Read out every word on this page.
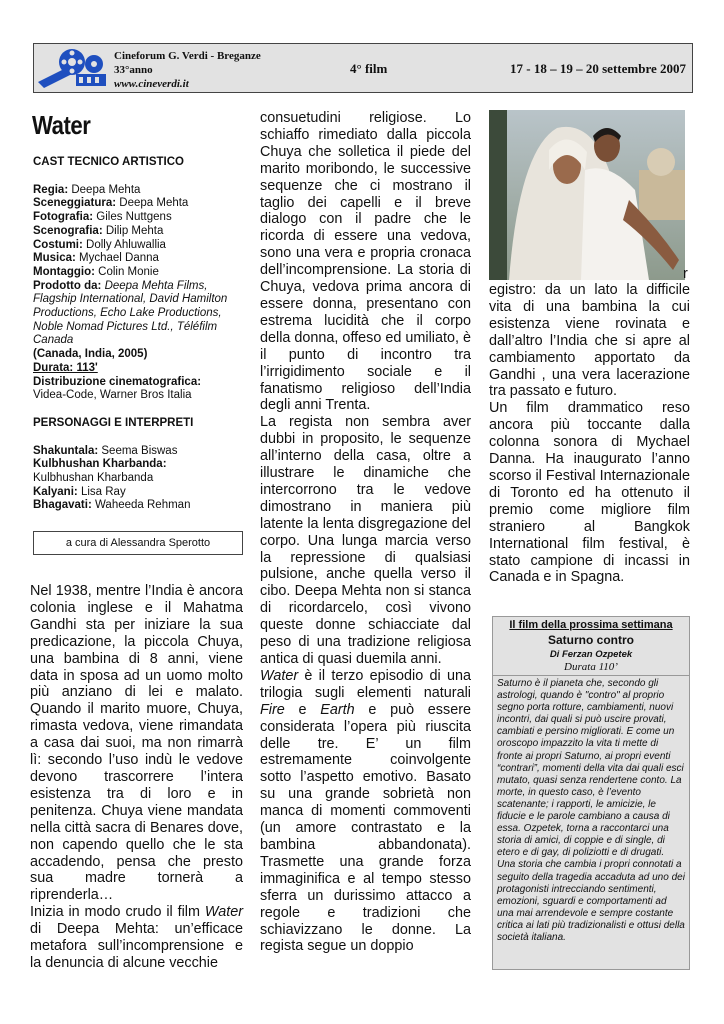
Cineforum G. Verdi - Breganze
33°anno
www.cineverdi.it
4° film	17 - 18 – 19 – 20 settembre 2007
Water

CAST TECNICO ARTISTICO

Regia: Deepa Mehta

Sceneggiatura: Deepa Mehta

Fotografia: Giles Nuttgens

Scenografia: Dilip Mehta

Costumi: Dolly Ahluwallia

Musica: Mychael Danna

Montaggio: Colin Monie

Prodotto da: Deepa Mehta Films, Flagship International, David Hamilton Productions, Echo Lake Productions, Noble Nomad Pictures Ltd., Téléfilm Canada

(Canada, India, 2005)

Durata: 113'

Distribuzione cinematografica:

Videa-Code, Warner Bros Italia

PERSONAGGI E INTERPRETI

Shakuntala: Seema Biswas

Kulbhushan Kharbanda:

Kulbhushan Kharbanda

Kalyani: Lisa Ray

Bhagavati: Waheeda Rehman

a cura di Alessandra Sperotto

Nel 1938, mentre l’India è ancora colonia inglese e il Mahatma Gandhi sta per iniziare la sua predicazione, la piccola Chuya, una bambina di 8 anni, viene data in sposa ad un uomo molto più anziano di lei e malato. Quando il marito muore, Chuya, rimasta vedova, viene rimandata a casa dai suoi, ma non rimarrà lì: secondo l’uso indù le vedove devono trascorrere l’intera esistenza tra di loro e in penitenza. Chuya viene mandata nella città sacra di Benares dove, non capendo quello che le sta accadendo, pensa che presto sua madre tornerà a riprenderla…

Inizia in modo crudo il film Water di Deepa Mehta: un’efficace metafora sull’incomprensione e la denuncia di alcune vecchie

consuetudini religiose. Lo schiaffo rimediato dalla piccola Chuya che solletica il piede del marito moribondo, le successive sequenze che ci mostrano il taglio dei capelli e il breve dialogo con il padre che le ricorda di essere una vedova, sono una vera e propria cronaca dell’incomprensione. La storia di Chuya, vedova prima ancora di essere donna, presentano con estrema lucidità che il corpo della donna, offeso ed umiliato, è il punto di incontro tra l’irrigidimento sociale e il fanatismo religioso dell’India degli anni Trenta.

La regista non sembra aver dubbi in proposito, le sequenze all’interno della casa, oltre a illustrare le dinamiche che intercorrono tra le vedove dimostrano in maniera più latente la lenta disgregazione del corpo. Una lunga marcia verso la repressione di qualsiasi pulsione, anche quella verso il cibo. Deepa Mehta non si stanca di ricordarcelo, così vivono queste donne schiacciate dal peso di una tradizione religiosa antica di quasi duemila anni.

Water è il terzo episodio di una trilogia sugli elementi naturali Fire e Earth e può essere considerata l’opera più riuscita delle tre. E’ un film estremamente coinvolgente sotto l’aspetto emotivo. Basato su una grande sobrietà non manca di momenti commoventi (un amore contrastato e la bambina abbandonata). Trasmette una grande forza immaginifica e al tempo stesso sferra un durissimo attacco a regole e tradizioni che schiavizzano le donne. La regista segue un doppio

r

egistro: da un lato la difficile vita di una bambina la cui esistenza viene rovinata e dall’altro l’India che si apre al cambiamento apportato da Gandhi , una vera lacerazione tra passato e futuro.

Un film drammatico reso ancora più toccante dalla colonna sonora di Mychael Danna. Ha inaugurato l’anno scorso il Festival Internazionale di Toronto ed ha ottenuto il premio come migliore film straniero al Bangkok International film festival, è stato campione di incassi in Canada e in Spagna.

Il film della prossima settimana
Saturno contro
Di Ferzan Ozpetek
Durata 110’
Saturno è il pianeta che, secondo gli astrologi, quando è "contro" al proprio segno porta rotture, cambiamenti, nuovi incontri, dai quali si può uscire provati, cambiati e persino migliorati. E come un oroscopo impazzito la vita ti mette di fronte ai propri Saturno, ai propri eventi “contrari”, momenti della vita dai quali esci mutato, quasi senza rendertene conto. La morte, in questo caso, è l’evento scatenante; i rapporti, le amicizie, le fiducie e le parole cambiano a causa di essa. Ozpetek, torna a raccontarci una storia di amici, di coppie e di single, di etero e di gay, di poliziotti e di drugati. Una storia che cambia i propri connotati a seguito della tragedia accaduta ad uno dei protagonisti intrecciando sentimenti, emozioni, sguardi e comportamenti ad una mai arrendevole e sempre costante critica ai lati più tradizionalisti e ottusi della società italiana.
